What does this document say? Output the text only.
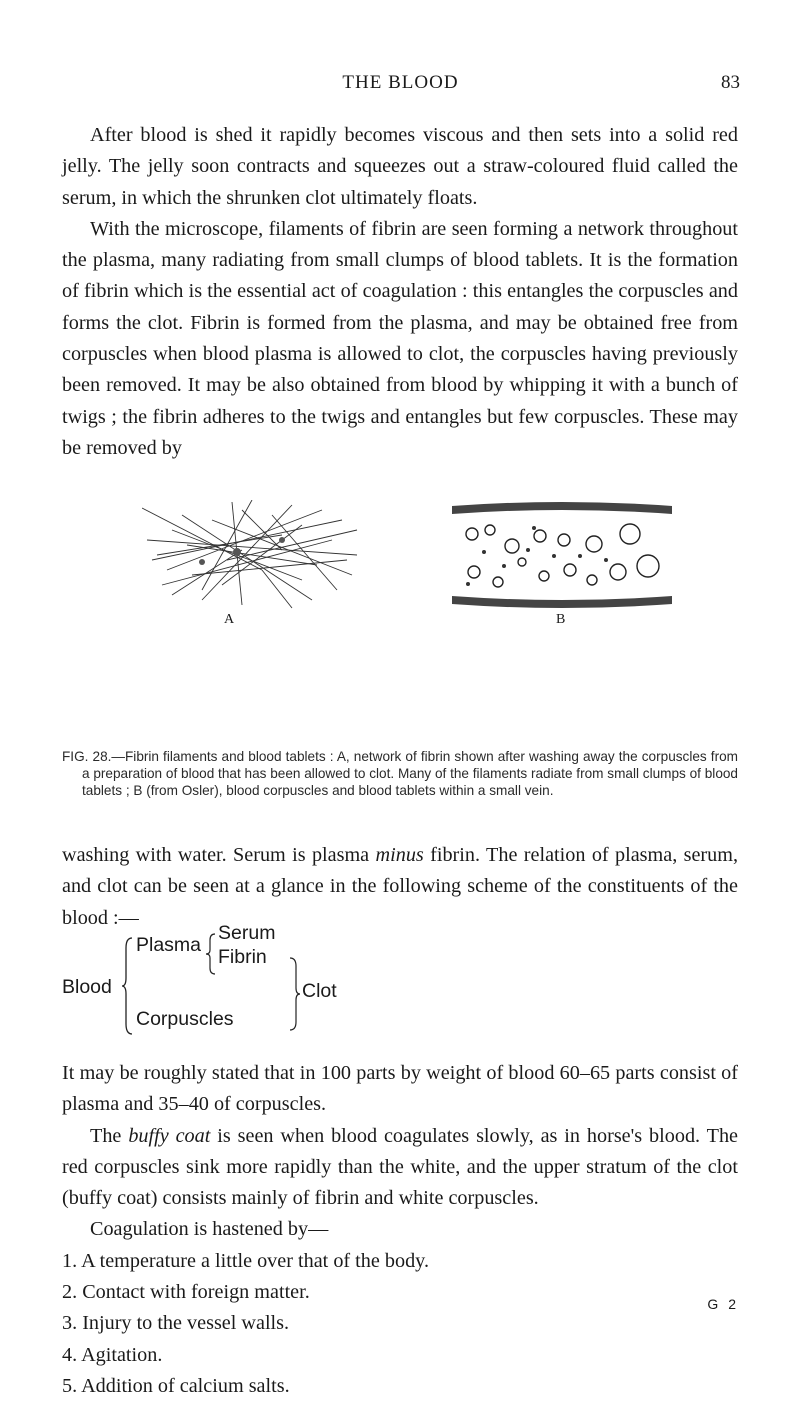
THE BLOOD	83

After blood is shed it rapidly becomes viscous and then sets into a solid red jelly. The jelly soon contracts and squeezes out a straw-coloured fluid called the serum, in which the shrunken clot ultimately floats.

With the microscope, filaments of fibrin are seen forming a network throughout the plasma, many radiating from small clumps of blood tablets. It is the formation of fibrin which is the essential act of coagulation : this entangles the corpuscles and forms the clot. Fibrin is formed from the plasma, and may be obtained free from corpuscles when blood plasma is allowed to clot, the corpuscles having previously been removed. It may be also obtained from blood by whipping it with a bunch of twigs ; the fibrin adheres to the twigs and entangles but few corpuscles. These may be removed by

A	B

FIG. 28.—Fibrin filaments and blood tablets : A, network of fibrin shown after washing away the corpuscles from a preparation of blood that has been allowed to clot. Many of the filaments radiate from small clumps of blood tablets ; B (from Osler), blood corpuscles and blood tablets within a small vein.

washing with water. Serum is plasma minus fibrin. The relation of plasma, serum, and clot can be seen at a glance in the following scheme of the constituents of the blood :—

Blood
Plasma
Serum
Fibrin
Corpuscles
Clot

It may be roughly stated that in 100 parts by weight of blood 60–65 parts consist of plasma and 35–40 of corpuscles.

The buffy coat is seen when blood coagulates slowly, as in horse's blood. The red corpuscles sink more rapidly than the white, and the upper stratum of the clot (buffy coat) consists mainly of fibrin and white corpuscles.

Coagulation is hastened by—

1. A temperature a little over that of the body.
2. Contact with foreign matter.
3. Injury to the vessel walls.
4. Agitation.
5. Addition of calcium salts.
G 2
